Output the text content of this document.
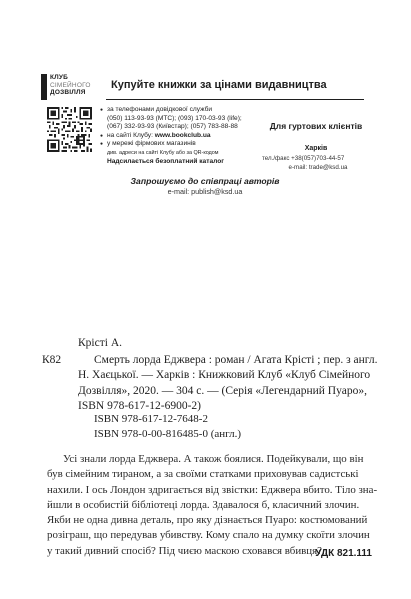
КЛУБ
СІМЕЙНОГО
ДОЗВІЛЛЯ
Купуйте книжки за цінами видавництва
● за телефонами довідкової служби
(050) 113-93-93 (МТС); (093) 170-03-93 (life);
(067) 332-93-93 (Київстар); (057) 783-88-88
● на сайті Клубу: www.bookclub.ua
● у мережі фірмових магазинів
див. адреси на сайті Клубу або за QR-кодом
Надсилається безоплатний каталог
Для гуртових клієнтів
Харків
тел./факс +38(057)703-44-57
e-mail: trade@ksd.ua
Запрошуємо до співпраці авторів
e-mail: publish@ksd.ua
Крісті А.
К82	Смерть лорда Еджвера : роман / Агата Крісті ; пер. з англ.
Н. Хаєцької. — Харків : Книжковий Клуб «Клуб Сімейного
Дозвілля», 2020. — 304 с. — (Серія «Легендарний Пуаро»,
ISBN 978-617-12-6900-2)
ISBN 978-617-12-7648-2
ISBN 978-0-00-816485-0 (англ.)
Усі знали лорда Еджвера. А також боялися. Подейкували, що він
був сімейним тираном, а за своїми статками приховував садистські
нахили. І ось Лондон здригається від звістки: Еджвера вбито. Тіло зна-
йшли в особистій бібліотеці лорда. Здавалося б, класичний злочин.
Якби не одна дивна деталь, про яку дізнається Пуаро: костюмований
розіграш, що передував убивству. Кому спало на думку скоїти злочин
у такий дивний спосіб? Під чиєю маскою сховався вбивця?..
УДК 821.111
